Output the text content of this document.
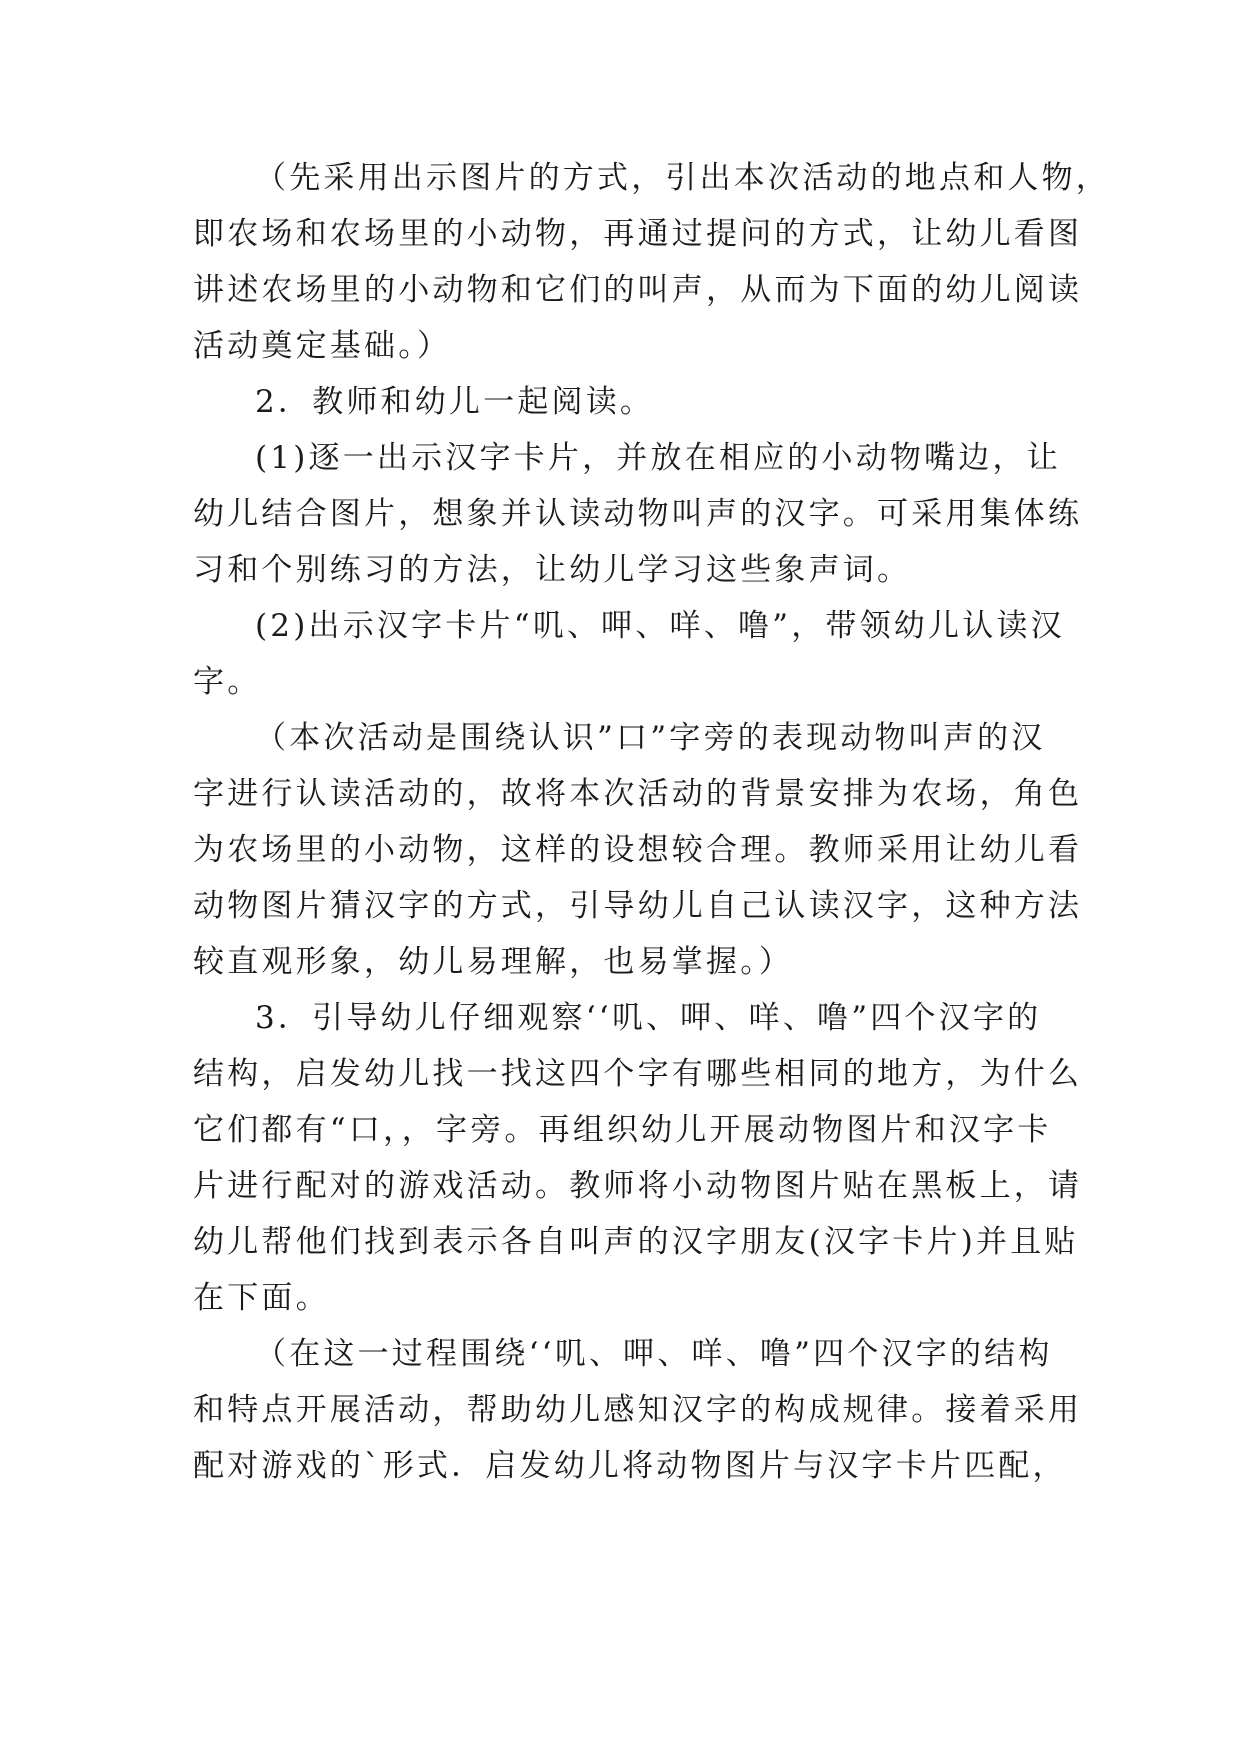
（先采用出示图片的方式，引出本次活动的地点和人物，
即农场和农场里的小动物，再通过提问的方式，让幼儿看图
讲述农场里的小动物和它们的叫声，从而为下面的幼儿阅读
活动奠定基础。）
2．教师和幼儿一起阅读。
(1)逐一出示汉字卡片，并放在相应的小动物嘴边，让
幼儿结合图片，想象并认读动物叫声的汉字。可采用集体练
习和个别练习的方法，让幼儿学习这些象声词。
(2)出示汉字卡片“叽、呷、咩、噜”，带领幼儿认读汉
字。
（本次活动是围绕认识”口”字旁的表现动物叫声的汉
字进行认读活动的，故将本次活动的背景安排为农场，角色
为农场里的小动物，这样的设想较合理。教师采用让幼儿看
动物图片猜汉字的方式，引导幼儿自己认读汉字，这种方法
较直观形象，幼儿易理解，也易掌握。）
3．引导幼儿仔细观察‘‘叽、呷、咩、噜”四个汉字的
结构，启发幼儿找一找这四个字有哪些相同的地方，为什么
它们都有“口，，字旁。再组织幼儿开展动物图片和汉字卡
片进行配对的游戏活动。教师将小动物图片贴在黑板上，请
幼儿帮他们找到表示各自叫声的汉字朋友(汉字卡片)并且贴
在下面。
（在这一过程围绕‘‘叽、呷、咩、噜”四个汉字的结构
和特点开展活动，帮助幼儿感知汉字的构成规律。接着采用
配对游戏的`形式．启发幼儿将动物图片与汉字卡片匹配，
